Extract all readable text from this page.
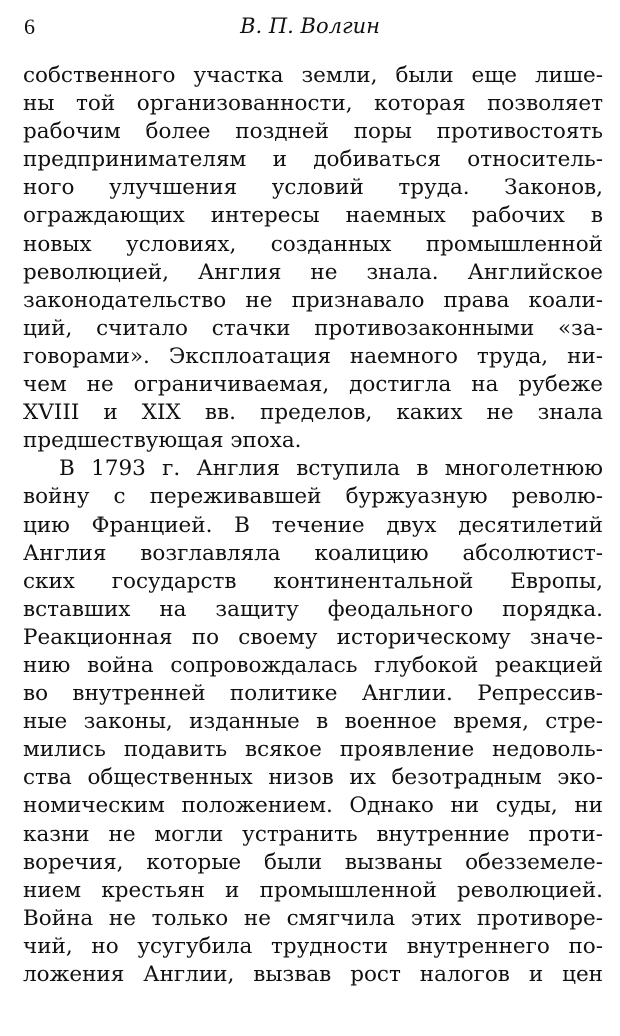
6	В. П. Волгин
собственного участка земли, были еще лише-
ны той организованности, которая позволяет
рабочим более поздней поры противостоять
предпринимателям и добиваться относитель-
ного улучшения условий труда. Законов,
ограждающих интересы наемных рабочих в
новых условиях, созданных промышленной
революцией, Англия не знала. Английское
законодательство не признавало права коали-
ций, считало стачки противозаконными «за-
говорами». Эксплоатация наемного труда, ни-
чем не ограничиваемая, достигла на рубеже
XVIII и XIX вв. пределов, каких не знала
предшествующая эпоха.
В 1793 г. Англия вступила в многолетнюю
войну с переживавшей буржуазную револю-
цию Францией. В течение двух десятилетий
Англия возглавляла коалицию абсолютист-
ских государств континентальной Европы,
вставших на защиту феодального порядка.
Реакционная по своему историческому значе-
нию война сопровождалась глубокой реакцией
во внутренней политике Англии. Репрессив-
ные законы, изданные в военное время, стре-
мились подавить всякое проявление недоволь-
ства общественных низов их безотрадным эко-
номическим положением. Однако ни суды, ни
казни не могли устранить внутренние проти-
воречия, которые были вызваны обезземеле-
нием крестьян и промышленной революцией.
Война не только не смягчила этих противоре-
чий, но усугубила трудности внутреннего по-
ложения Англии, вызвав рост налогов и цен
